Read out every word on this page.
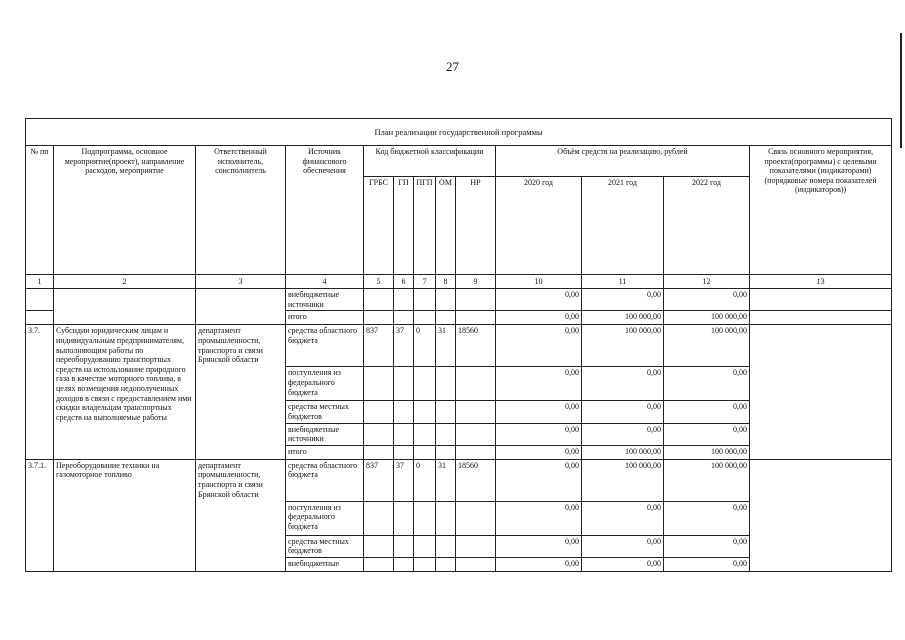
27
План реализации государственной программы												
№ пп	Подпрограмма, основное мероприятие(проект), направление расходов, мероприятие	Ответственный исполнитель, соисполнитель	Источник финансового обеспечения	Код бюджетной классификации					Объём средств на реализацию, рублей			Связь основного мероприятия, проекта(программы) с целевыми показателями (индикаторами) (порядковые номера показателей (индикаторов))
				ГРБС	ГП	ПГП	ОМ	НР	2020 год	2021 год	2022 год	
1	2	3	4	5	6	7	8	9	10	11	12	13
			внебюджетные источники						0,00	0,00	0,00	
			итого						0,00	100 000,00	100 000,00	
3.7.	Субсидии юридическим лицам и индивидуальным предпринимателям, выполняющим работы по переоборудованию транспортных средств на использование природного газа в качестве моторного топлива, в целях возмещения недополученных доходов в связи с предоставлением ими скидки владельцам транспортных средств на выполняемые работы	департамент промышленности, транспорта и связи Брянской области	средства областного бюджета	837	37	0	31	18560	0,00	100 000,00	100 000,00	
			поступления из федерального бюджета						0,00	0,00	0,00	
			средства местных бюджетов						0,00	0,00	0,00	
			внебюджетные источники						0,00	0,00	0,00	
			итого						0,00	100 000,00	100 000,00	
3.7.1.	Переоборудование техники на газомоторное топливо	департамент промышленности, транспорта и связи Брянской области	средства областного бюджета	837	37	0	31	18560	0,00	100 000,00	100 000,00	
			поступления из федерального бюджета						0,00	0,00	0,00	
			средства местных бюджетов						0,00	0,00	0,00	
			внебюджетные						0,00	0,00	0,00	
